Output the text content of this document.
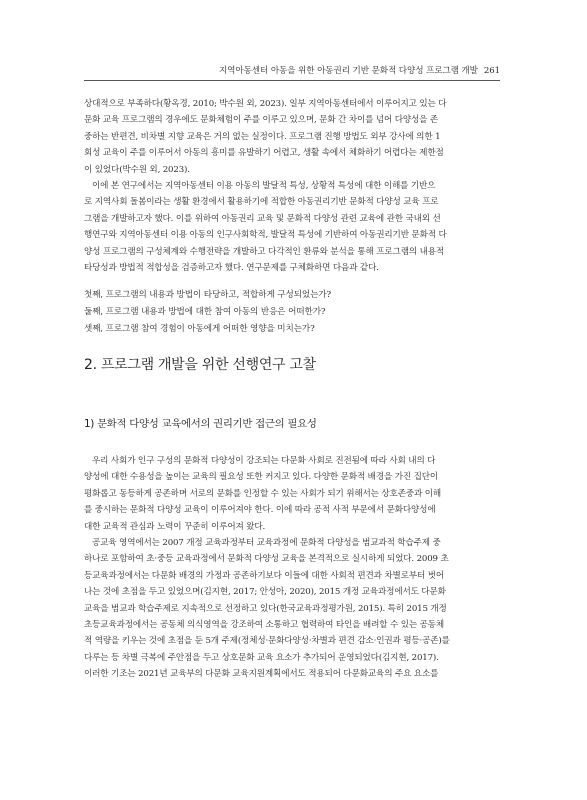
지역아동센터 아동을 위한 아동권리 기반 문화적 다양성 프로그램 개발 261
상대적으로 부족하다(황옥경, 2010; 박수원 외, 2023). 일부 지역아동센터에서 이루어지고 있는 다
문화 교육 프로그램의 경우에도 문화체험이 주를 이루고 있으며, 문화 간 차이를 넘어 다양성을 존
중하는 반편견, 비차별 지향 교육은 거의 없는 실정이다. 프로그램 진행 방법도 외부 강사에 의한 1
회성 교육이 주를 이루어서 아동의 흥미를 유발하기 어렵고, 생활 속에서 체화하기 어렵다는 제한점
이 있었다(박수원 외, 2023).
이에 본 연구에서는 지역아동센터 이용 아동의 발달적 특성, 상황적 특성에 대한 이해를 기반으
로 지역사회 돌봄이라는 생활 환경에서 활용하기에 적합한 아동권리기반 문화적 다양성 교육 프로
그램을 개발하고자 했다. 이를 위하여 아동권리 교육 및 문화적 다양성 관련 교육에 관한 국내외 선
행연구와 지역아동센터 이용 아동의 인구사회학적, 발달적 특성에 기반하여 아동권리기반 문화적 다
양성 프로그램의 구성체계와 수행전략을 개발하고 다각적인 환류와 분석을 통해 프로그램의 내용적
타당성과 방법적 적합성을 검증하고자 했다. 연구문제를 구체화하면 다음과 같다.
첫째, 프로그램의 내용과 방법이 타당하고, 적합하게 구성되었는가?
둘째, 프로그램 내용과 방법에 대한 참여 아동의 반응은 어떠한가?
셋째, 프로그램 참여 경험이 아동에게 어떠한 영향을 미치는가?
2. 프로그램 개발을 위한 선행연구 고찰
1) 문화적 다양성 교육에서의 권리기반 접근의 필요성
우리 사회가 인구 구성의 문화적 다양성이 강조되는 다문화 사회로 진전됨에 따라 사회 내의 다
양성에 대한 수용성을 높이는 교육의 필요성 또한 커지고 있다. 다양한 문화적 배경을 가진 집단이
평화롭고 동등하게 공존하며 서로의 문화를 인정할 수 있는 사회가 되기 위해서는 상호존중과 이해
를 중시하는 문화적 다양성 교육이 이루어져야 한다. 이에 따라 공적 사적 부문에서 문화다양성에
대한 교육적 관심과 노력이 꾸준히 이루어져 왔다.
공교육 영역에서는 2007 개정 교육과정부터 교육과정에 문화적 다양성을 범교과적 학습주제 중
하나로 포함하여 초·중등 교육과정에서 문화적 다양성 교육을 본격적으로 실시하게 되었다. 2009 초
등교육과정에서는 다문화 배경의 가정과 공존하기보다 이들에 대한 사회적 편견과 차별로부터 벗어
나는 것에 초점을 두고 있었으며(김지현, 2017; 안성아, 2020), 2015 개정 교육과정에서도 다문화
교육을 범교과 학습주제로 지속적으로 선정하고 있다(한국교육과정평가원, 2015). 특히 2015 개정
초등교육과정에서는 공동체 의식영역을 강조하여 소통하고 협력하여 타인을 배려할 수 있는 공동체
적 역량을 키우는 것에 초점을 둔 5개 주제(정체성·문화다양성·차별과 편견 감소·인권과 평등·공존)를
다루는 등 차별 극복에 주안점을 두고 상호문화 교육 요소가 추가되어 운영되었다(김지현, 2017).
이러한 기조는 2021년 교육부의 다문화 교육지원계획에서도 적용되어 다문화교육의 주요 요소를
